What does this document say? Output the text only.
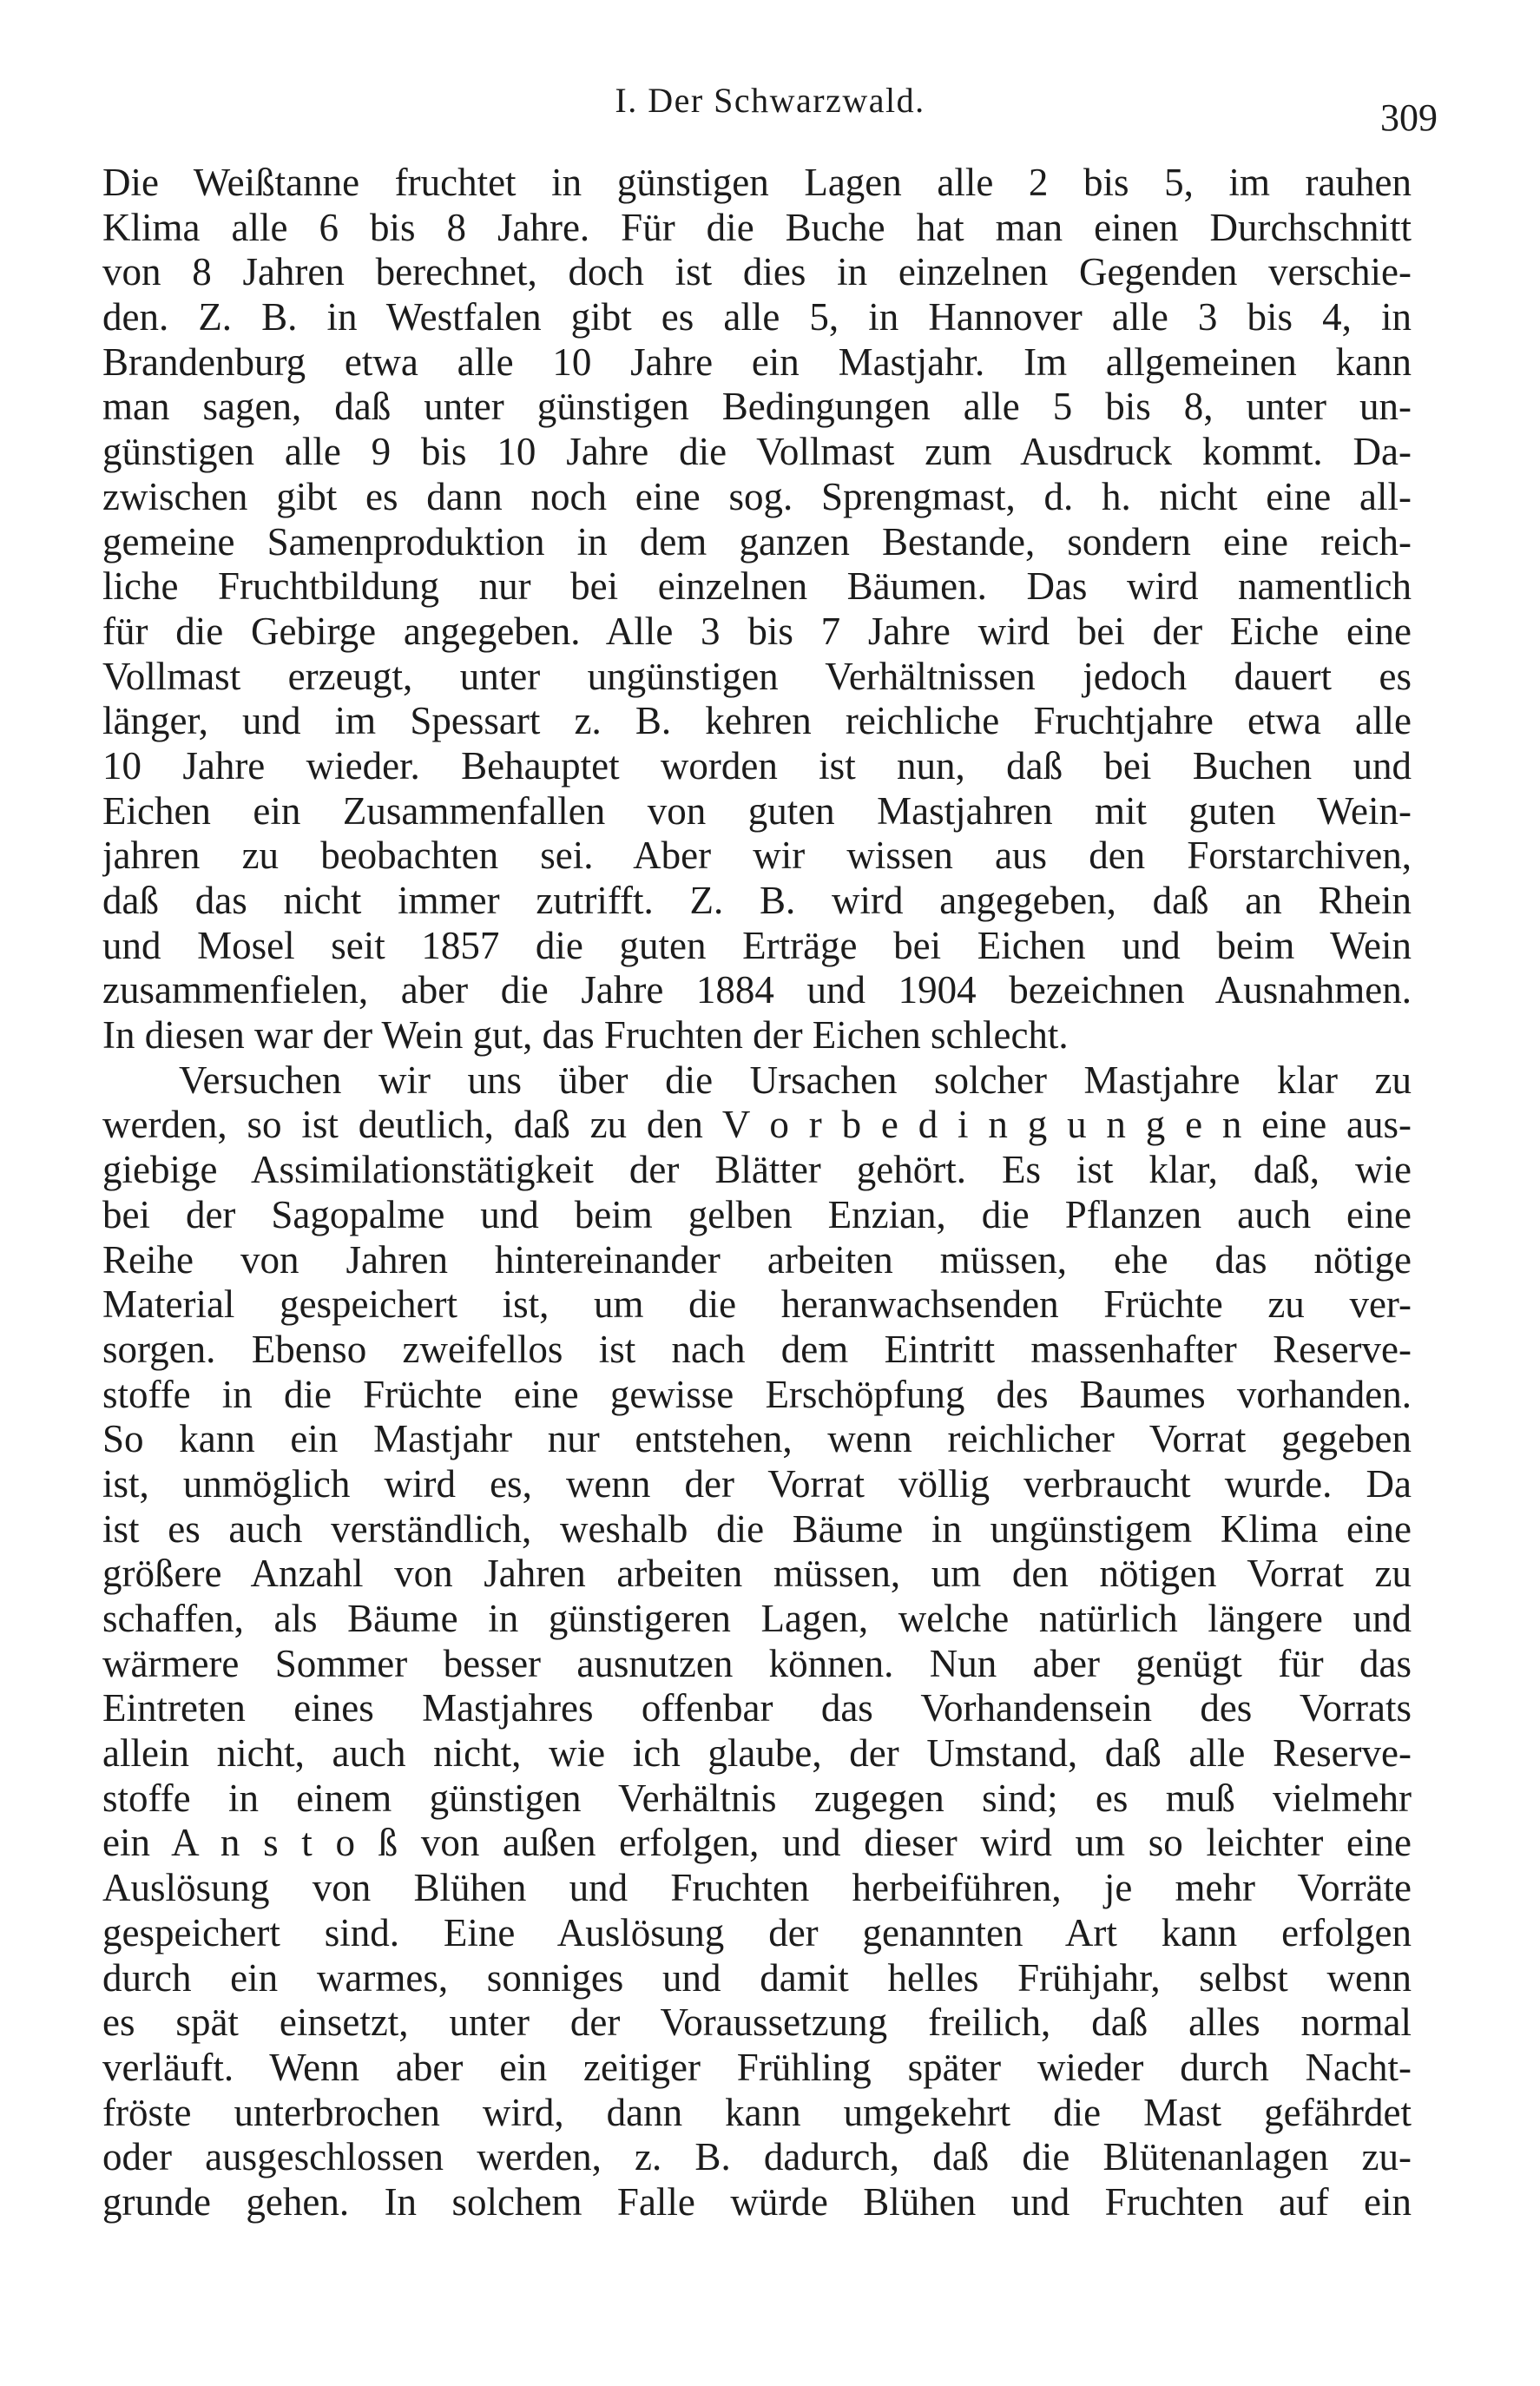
I. Der Schwarzwald.	309
Die Weißtanne fruchtet in günstigen Lagen alle 2 bis 5, im rauhen
Klima alle 6 bis 8 Jahre. Für die Buche hat man einen Durchschnitt
von 8 Jahren berechnet, doch ist dies in einzelnen Gegenden verschie-
den. Z. B. in Westfalen gibt es alle 5, in Hannover alle 3 bis 4, in
Brandenburg etwa alle 10 Jahre ein Mastjahr. Im allgemeinen kann
man sagen, daß unter günstigen Bedingungen alle 5 bis 8, unter un-
günstigen alle 9 bis 10 Jahre die Vollmast zum Ausdruck kommt. Da-
zwischen gibt es dann noch eine sog. Sprengmast, d. h. nicht eine all-
gemeine Samenproduktion in dem ganzen Bestande, sondern eine reich-
liche Fruchtbildung nur bei einzelnen Bäumen. Das wird namentlich
für die Gebirge angegeben. Alle 3 bis 7 Jahre wird bei der Eiche eine
Vollmast erzeugt, unter ungünstigen Verhältnissen jedoch dauert es
länger, und im Spessart z. B. kehren reichliche Fruchtjahre etwa alle
10 Jahre wieder. Behauptet worden ist nun, daß bei Buchen und
Eichen ein Zusammenfallen von guten Mastjahren mit guten Wein-
jahren zu beobachten sei. Aber wir wissen aus den Forstarchiven,
daß das nicht immer zutrifft. Z. B. wird angegeben, daß an Rhein
und Mosel seit 1857 die guten Erträge bei Eichen und beim Wein
zusammenfielen, aber die Jahre 1884 und 1904 bezeichnen Ausnahmen.
In diesen war der Wein gut, das Fruchten der Eichen schlecht.
Versuchen wir uns über die Ursachen solcher Mastjahre klar zu
werden, so ist deutlich, daß zu den V o r b e d i n g u n g e n eine aus-
giebige Assimilationstätigkeit der Blätter gehört. Es ist klar, daß, wie
bei der Sagopalme und beim gelben Enzian, die Pflanzen auch eine
Reihe von Jahren hintereinander arbeiten müssen, ehe das nötige
Material gespeichert ist, um die heranwachsenden Früchte zu ver-
sorgen. Ebenso zweifellos ist nach dem Eintritt massenhafter Reserve-
stoffe in die Früchte eine gewisse Erschöpfung des Baumes vorhanden.
So kann ein Mastjahr nur entstehen, wenn reichlicher Vorrat gegeben
ist, unmöglich wird es, wenn der Vorrat völlig verbraucht wurde. Da
ist es auch verständlich, weshalb die Bäume in ungünstigem Klima eine
größere Anzahl von Jahren arbeiten müssen, um den nötigen Vorrat zu
schaffen, als Bäume in günstigeren Lagen, welche natürlich längere und
wärmere Sommer besser ausnutzen können. Nun aber genügt für das
Eintreten eines Mastjahres offenbar das Vorhandensein des Vorrats
allein nicht, auch nicht, wie ich glaube, der Umstand, daß alle Reserve-
stoffe in einem günstigen Verhältnis zugegen sind; es muß vielmehr
ein A n s t o ß von außen erfolgen, und dieser wird um so leichter eine
Auslösung von Blühen und Fruchten herbeiführen, je mehr Vorräte
gespeichert sind. Eine Auslösung der genannten Art kann erfolgen
durch ein warmes, sonniges und damit helles Frühjahr, selbst wenn
es spät einsetzt, unter der Voraussetzung freilich, daß alles normal
verläuft. Wenn aber ein zeitiger Frühling später wieder durch Nacht-
fröste unterbrochen wird, dann kann umgekehrt die Mast gefährdet
oder ausgeschlossen werden, z. B. dadurch, daß die Blütenanlagen zu-
grunde gehen. In solchem Falle würde Blühen und Fruchten auf ein
